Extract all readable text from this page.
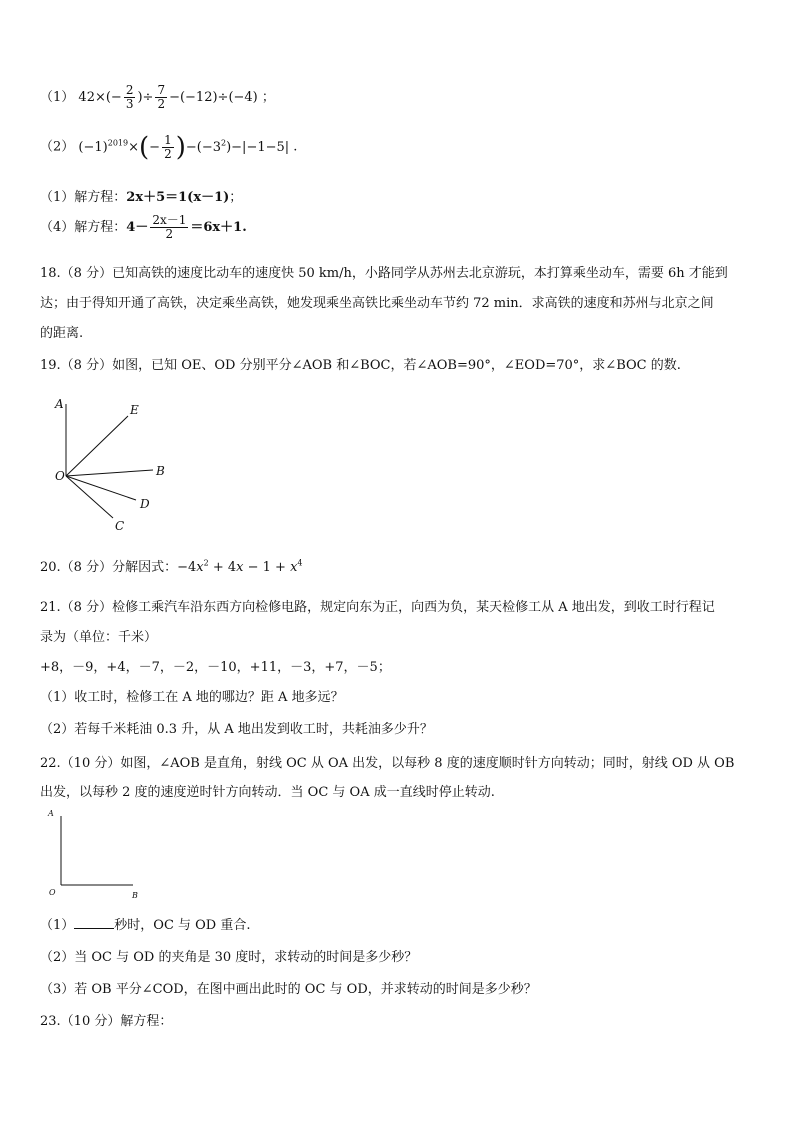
（1） $42\times(- \frac{2}{3}$ )÷ $\frac{7}{2} -(-12)\div(-4)$ ；
（2） $(-1)^{2019}\times(- \frac{1}{2} )-(-3^2)-|-1-5|$ .
（1）解方程：2x＋5＝1(x－1)；
（4）解方程：$4- \frac{2x-1}{2} =6x+1$.
18.（8 分）已知高铁的速度比动车的速度快 50 km/h，小路同学从苏州去北京游玩，本打算乘坐动车，需要 6h 才能到
达；由于得知开通了高铁，决定乘坐高铁，她发现乘坐高铁比乘坐动车节约 72 min．求高铁的速度和苏州与北京之间
的距离.
19.（8 分）如图，已知 OE、OD 分别平分∠AOB 和∠BOC，若∠AOB=90°，∠EOD=70°，求∠BOC 的数.
A	E
O	B
D
C
20.（8 分）分解因式：$-4x^2 + 4x - 1 + x^4$
21.（8 分）检修工乘汽车沿东西方向检修电路，规定向东为正，向西为负，某天检修工从 A 地出发，到收工时行程记
录为（单位：千米）
+8，－9，+4，－7，－2，－10，+11，－3，+7，－5；
（1）收工时，检修工在 A 地的哪边？距 A 地多远？
（2）若每千米耗油 0.3 升，从 A 地出发到收工时，共耗油多少升？
22.（10 分）如图，∠AOB 是直角，射线 OC 从 OA 出发，以每秒 8 度的速度顺时针方向转动；同时，射线 OD 从 OB
出发，以每秒 2 度的速度逆时针方向转动．当 OC 与 OA 成一直线时停止转动.
A
O	B
（1）	秒时，OC 与 OD 重合.
（2）当 OC 与 OD 的夹角是 30 度时，求转动的时间是多少秒？
（3）若 OB 平分∠COD，在图中画出此时的 OC 与 OD，并求转动的时间是多少秒？
23.（10 分）解方程：
